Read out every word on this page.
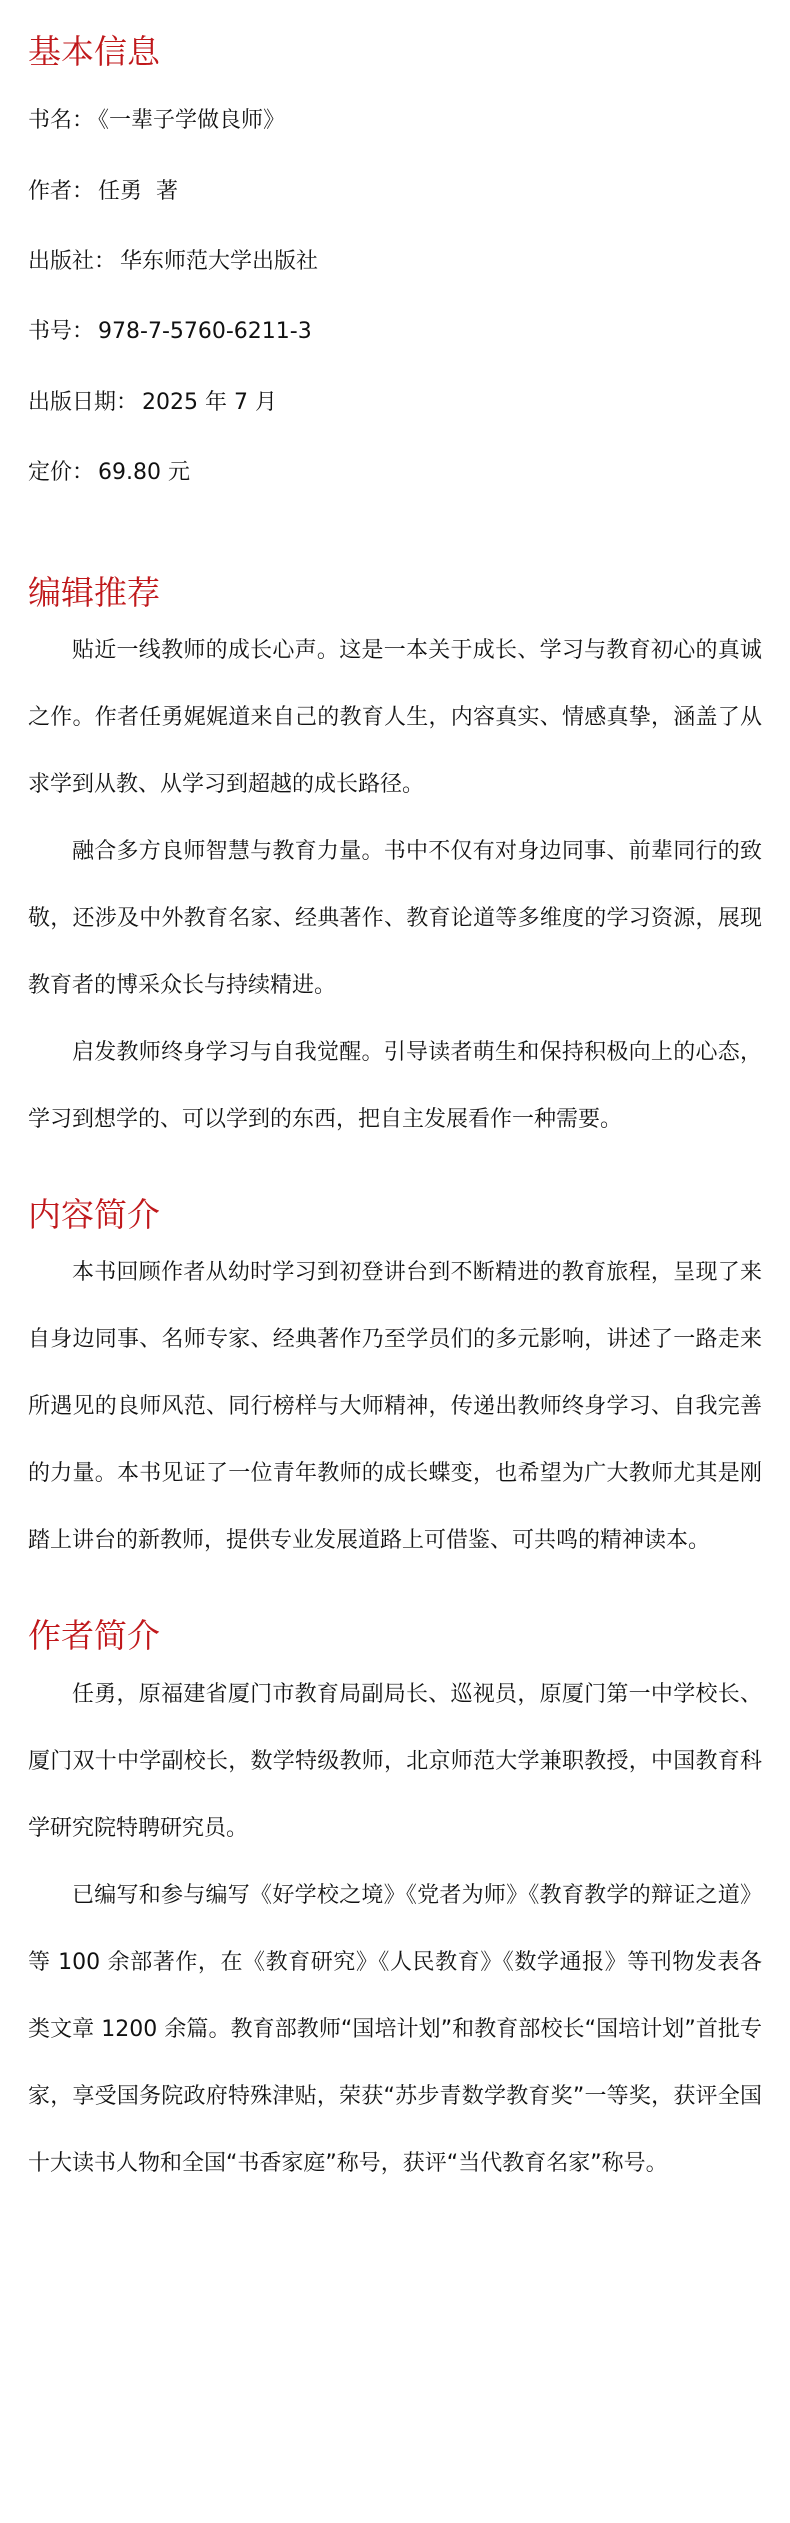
基本信息
书名： 《一辈子学做良师》
作者： 任勇  著
出版社： 华东师范大学出版社
书号： 978-7-5760-6211-3
出版日期： 2025 年 7 月
定价： 69.80 元
编辑推荐

贴近一线教师的成长心声。这是一本关于成长、学习与教育初心的真诚之作。作者任勇娓娓道来自己的教育人生，内容真实、情感真挚，涵盖了从求学到从教、从学习到超越的成长路径。

融合多方良师智慧与教育力量。书中不仅有对身边同事、前辈同行的致敬，还涉及中外教育名家、经典著作、教育论道等多维度的学习资源，展现教育者的博采众长与持续精进。

启发教师终身学习与自我觉醒。引导读者萌生和保持积极向上的心态，学习到想学的、可以学到的东西，把自主发展看作一种需要。

内容简介

本书回顾作者从幼时学习到初登讲台到不断精进的教育旅程，呈现了来自身边同事、名师专家、经典著作乃至学员们的多元影响，讲述了一路走来所遇见的良师风范、同行榜样与大师精神，传递出教师终身学习、自我完善的力量。本书见证了一位青年教师的成长蝶变，也希望为广大教师尤其是刚踏上讲台的新教师，提供专业发展道路上可借鉴、可共鸣的精神读本。

作者简介

任勇，原福建省厦门市教育局副局长、巡视员，原厦门第一中学校长、厦门双十中学副校长，数学特级教师，北京师范大学兼职教授，中国教育科学研究院特聘研究员。

已编写和参与编写《好学校之境》《党者为师》《教育教学的辩证之道》等 100 余部著作，在《教育研究》《人民教育》《数学通报》等刊物发表各类文章 1200 余篇。教育部教师“国培计划”和教育部校长“国培计划”首批专家，享受国务院政府特殊津贴，荣获“苏步青数学教育奖”一等奖，获评全国十大读书人物和全国“书香家庭”称号，获评“当代教育名家”称号。
